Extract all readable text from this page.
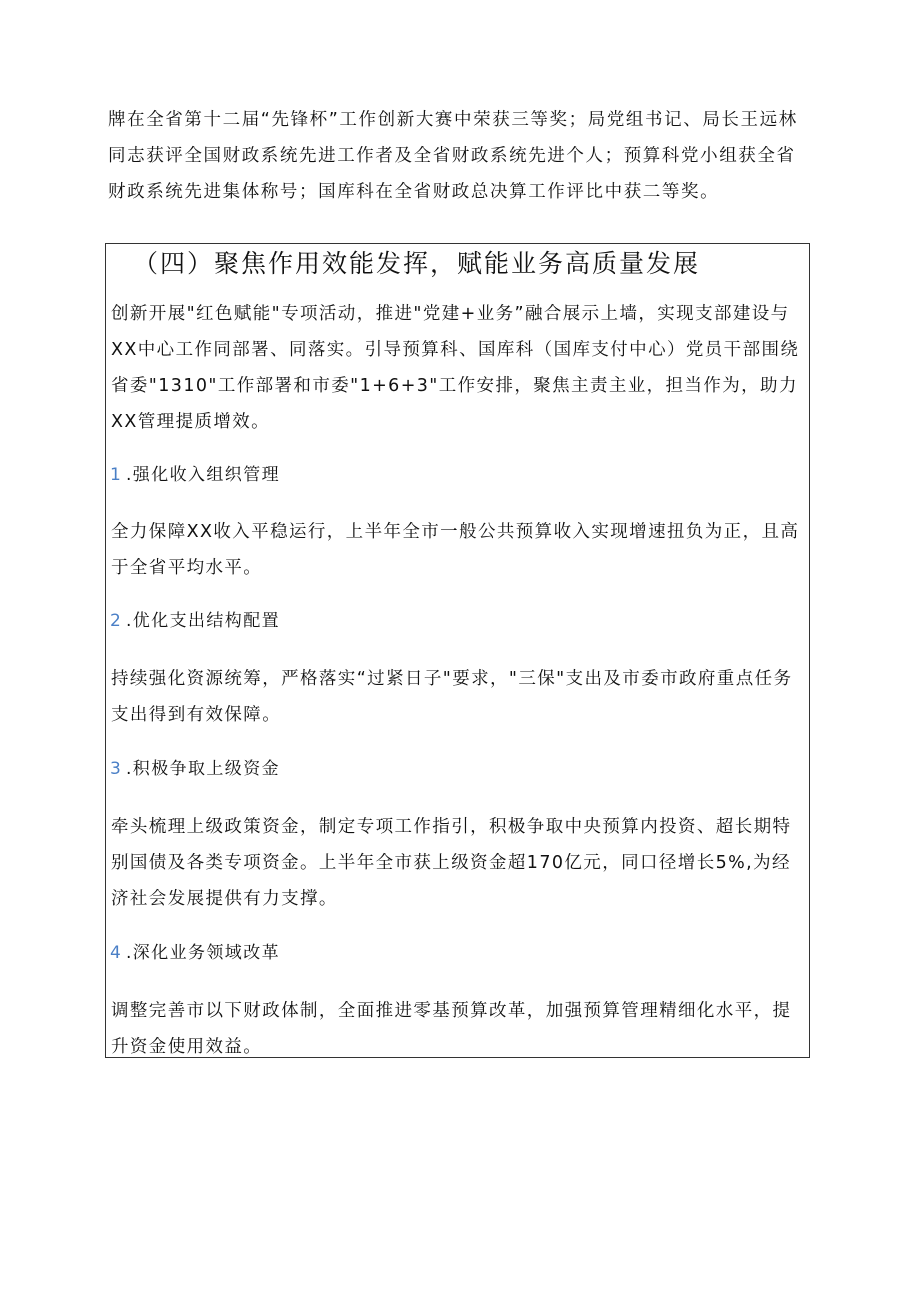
牌在全省第十二届“先锋杯”工作创新大赛中荣获三等奖；局党组书记、局长王远林同志获评全国财政系统先进工作者及全省财政系统先进个人；预算科党小组获全省财政系统先进集体称号；国库科在全省财政总决算工作评比中获二等奖。

（四）聚焦作用效能发挥，赋能业务高质量发展

创新开展"红色赋能"专项活动，推进"党建+业务”融合展示上墙，实现支部建设与XX中心工作同部署、同落实。引导预算科、国库科（国库支付中心）党员干部围绕省委"1310"工作部署和市委"1+6+3"工作安排，聚焦主责主业，担当作为，助力XX管理提质增效。

1 .强化收入组织管理

全力保障XX收入平稳运行，上半年全市一般公共预算收入实现增速扭负为正，且高于全省平均水平。

2 .优化支出结构配置

持续强化资源统筹，严格落实“过紧日子"要求，"三保"支出及市委市政府重点任务支出得到有效保障。

3 .积极争取上级资金

牵头梳理上级政策资金，制定专项工作指引，积极争取中央预算内投资、超长期特别国债及各类专项资金。上半年全市获上级资金超170亿元，同口径增长5%,为经济社会发展提供有力支撑。

4 .深化业务领域改革

调整完善市以下财政体制，全面推进零基预算改革，加强预算管理精细化水平，提升资金使用效益。
